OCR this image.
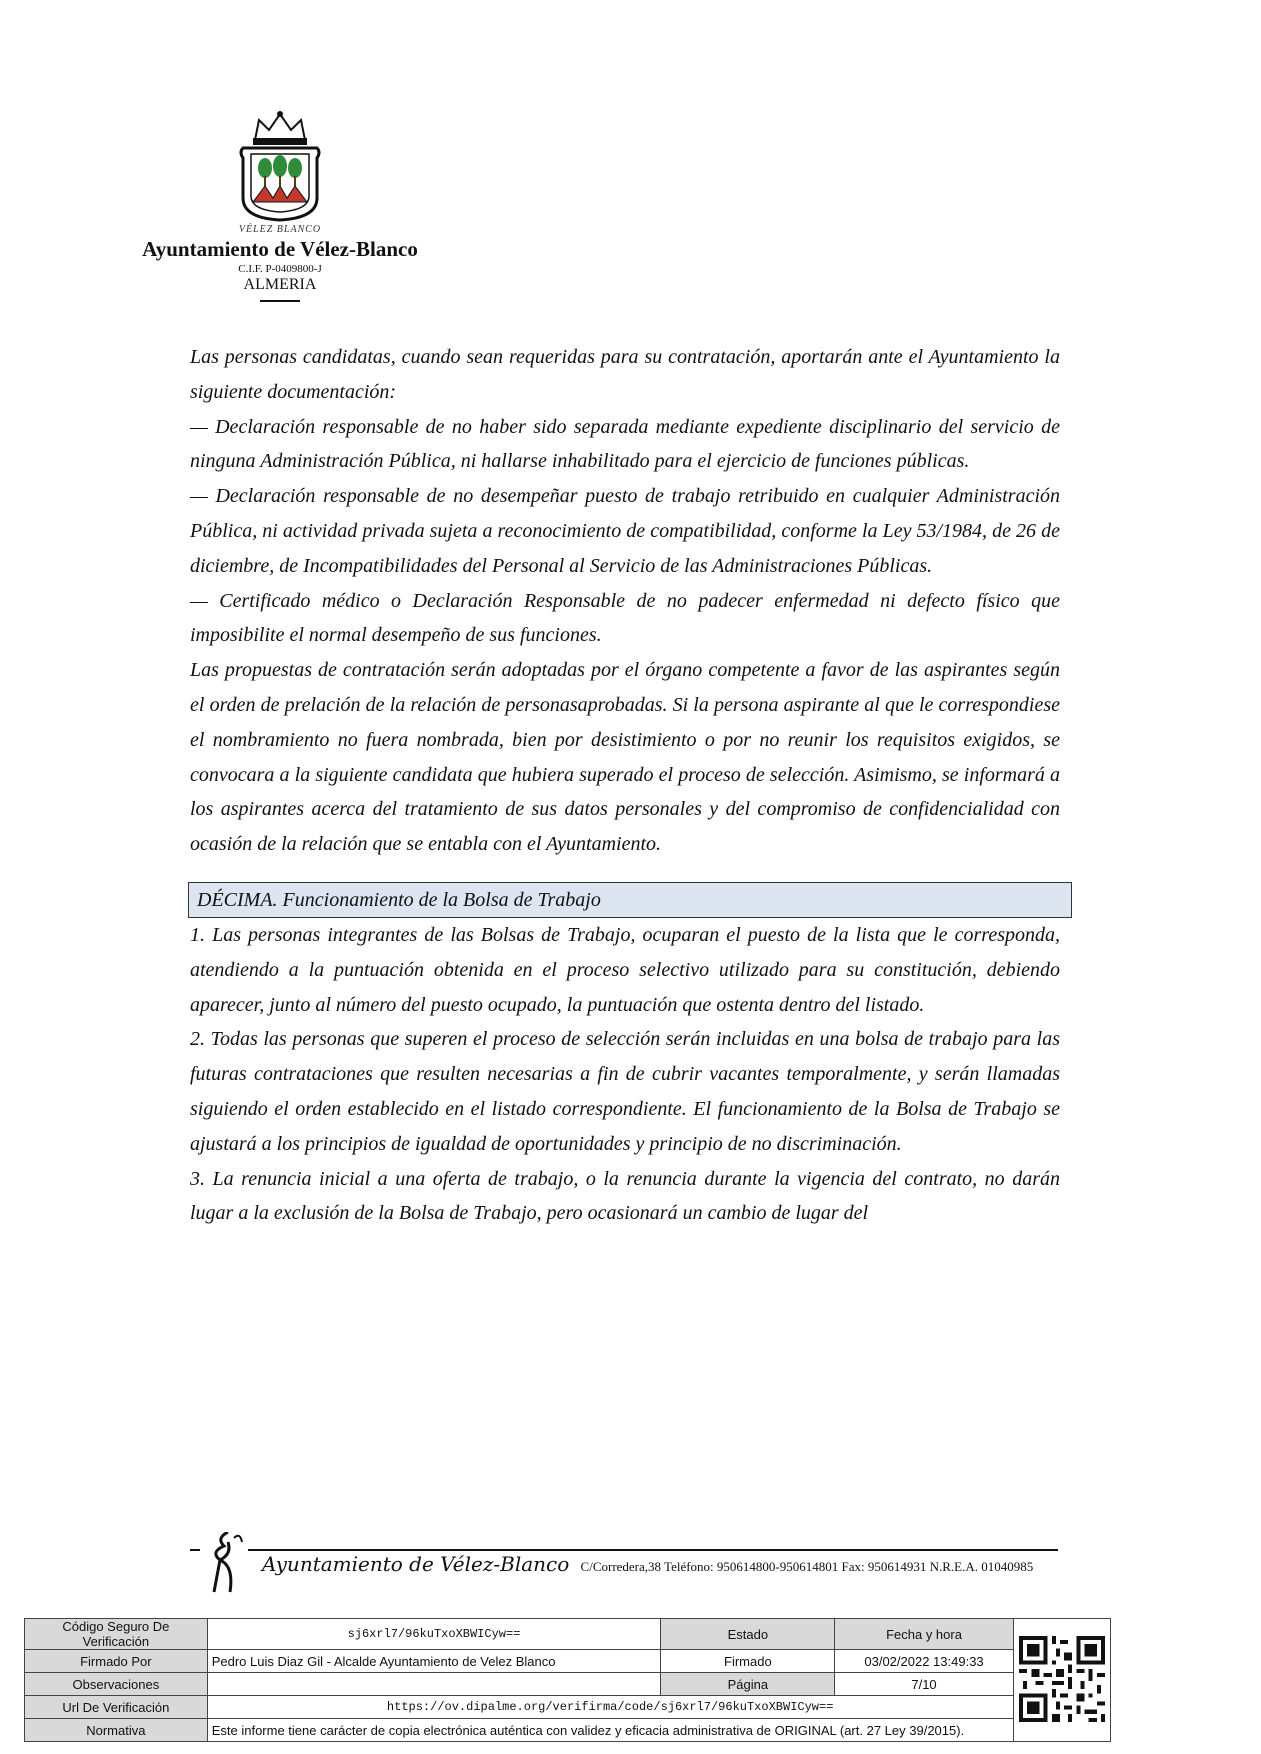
VÉLEZ BLANCO
Ayuntamiento de Vélez-Blanco
C.I.F. P-0409800-J
ALMERIA

Las personas candidatas, cuando sean requeridas para su contratación, aportarán ante el Ayuntamiento la siguiente documentación:

— Declaración responsable de no haber sido separada mediante expediente disciplinario del servicio de ninguna Administración Pública, ni hallarse inhabilitado para el ejercicio de funciones públicas.

— Declaración responsable de no desempeñar puesto de trabajo retribuido en cualquier Administración Pública, ni actividad privada sujeta a reconocimiento de compatibilidad, conforme la Ley 53/1984, de 26 de diciembre, de Incompatibilidades del Personal al Servicio de las Administraciones Públicas.

— Certificado médico o Declaración Responsable de no padecer enfermedad ni defecto físico que imposibilite el normal desempeño de sus funciones.

Las propuestas de contratación serán adoptadas por el órgano competente a favor de las aspirantes según el orden de prelación de la relación de personasaprobadas. Si la persona aspirante al que le correspondiese el nombramiento no fuera nombrada, bien por desistimiento o por no reunir los requisitos exigidos, se convocara a la siguiente candidata que hubiera superado el proceso de selección. Asimismo, se informará a los aspirantes acerca del tratamiento de sus datos personales y del compromiso de confidencialidad con ocasión de la relación que se entabla con el Ayuntamiento.

DÉCIMA. Funcionamiento de la Bolsa de Trabajo

1. Las personas integrantes de las Bolsas de Trabajo, ocuparan el puesto de la lista que le corresponda, atendiendo a la puntuación obtenida en el proceso selectivo utilizado para su constitución, debiendo aparecer, junto al número del puesto ocupado, la puntuación que ostenta dentro del listado.

2. Todas las personas que superen el proceso de selección serán incluidas en una bolsa de trabajo para las futuras contrataciones que resulten necesarias a fin de cubrir vacantes temporalmente, y serán llamadas siguiendo el orden establecido en el listado correspondiente. El funcionamiento de la Bolsa de Trabajo se ajustará a los principios de igualdad de oportunidades y principio de no discriminación.

3. La renuncia inicial a una oferta de trabajo, o la renuncia durante la vigencia del contrato, no darán lugar a la exclusión de la Bolsa de Trabajo, pero ocasionará un cambio de lugar del

Ayuntamiento de Vélez-Blanco C/Corredera,38 Teléfono: 950614800-950614801 Fax: 950614931 N.R.E.A. 01040985
Código Seguro De Verificación	sj6xrl7/96kuTxoXBWICyw==	Estado	Fecha y hora	
Firmado Por	Pedro Luis Diaz Gil - Alcalde Ayuntamiento de Velez Blanco	Firmado	03/02/2022 13:49:33	
Observaciones		Página	7/10	
Url De Verificación	https://ov.dipalme.org/verifirma/code/sj6xrl7/96kuTxoXBWICyw==			
Normativa	Este informe tiene carácter de copia electrónica auténtica con validez y eficacia administrativa de ORIGINAL (art. 27 Ley 39/2015).			
